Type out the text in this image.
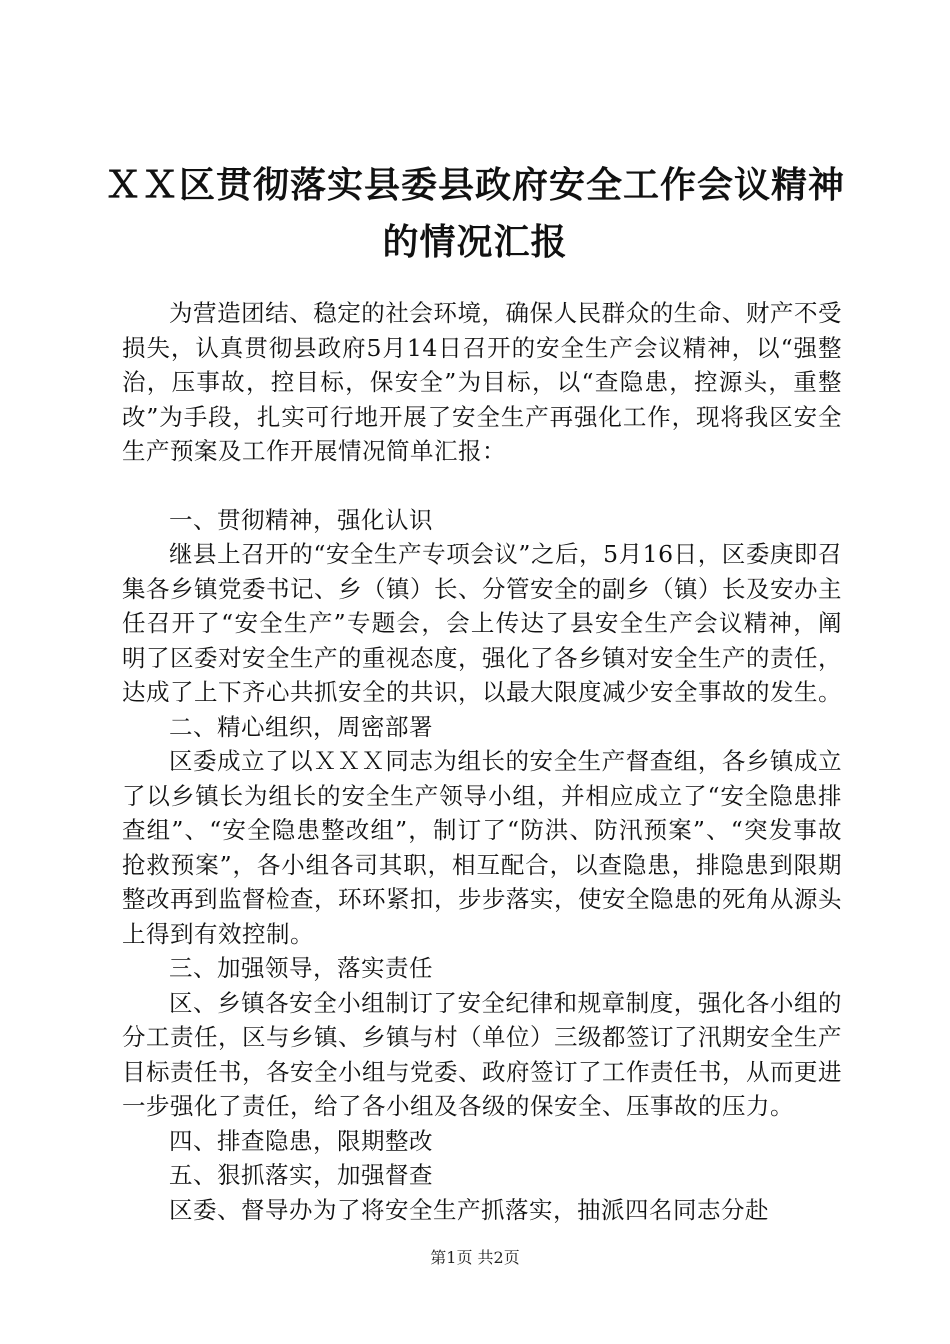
ＸＸ区贯彻落实县委县政府安全工作会议精神
的情况汇报

为营造团结、稳定的社会环境，确保人民群众的生命、财产不受损失，认真贯彻县政府5月14日召开的安全生产会议精神，以“强整治，压事故，控目标，保安全”为目标，以“查隐患，控源头，重整改”为手段，扎实可行地开展了安全生产再强化工作，现将我区安全生产预案及工作开展情况简单汇报：

一、贯彻精神，强化认识

继县上召开的“安全生产专项会议”之后，5月16日，区委庚即召集各乡镇党委书记、乡（镇）长、分管安全的副乡（镇）长及安办主任召开了“安全生产”专题会，会上传达了县安全生产会议精神，阐明了区委对安全生产的重视态度，强化了各乡镇对安全生产的责任，达成了上下齐心共抓安全的共识，以最大限度减少安全事故的发生。

二、精心组织，周密部署

区委成立了以ＸＸＸ同志为组长的安全生产督查组，各乡镇成立了以乡镇长为组长的安全生产领导小组，并相应成立了“安全隐患排查组”、“安全隐患整改组”，制订了“防洪、防汛预案”、“突发事故抢救预案”，各小组各司其职，相互配合，以查隐患，排隐患到限期整改再到监督检查，环环紧扣，步步落实，使安全隐患的死角从源头上得到有效控制。

三、加强领导，落实责任

区、乡镇各安全小组制订了安全纪律和规章制度，强化各小组的分工责任，区与乡镇、乡镇与村（单位）三级都签订了汛期安全生产目标责任书，各安全小组与党委、政府签订了工作责任书，从而更进一步强化了责任，给了各小组及各级的保安全、压事故的压力。

四、排查隐患，限期整改

五、狠抓落实，加强督查

区委、督导办为了将安全生产抓落实，抽派四名同志分赴

第1页 共2页
